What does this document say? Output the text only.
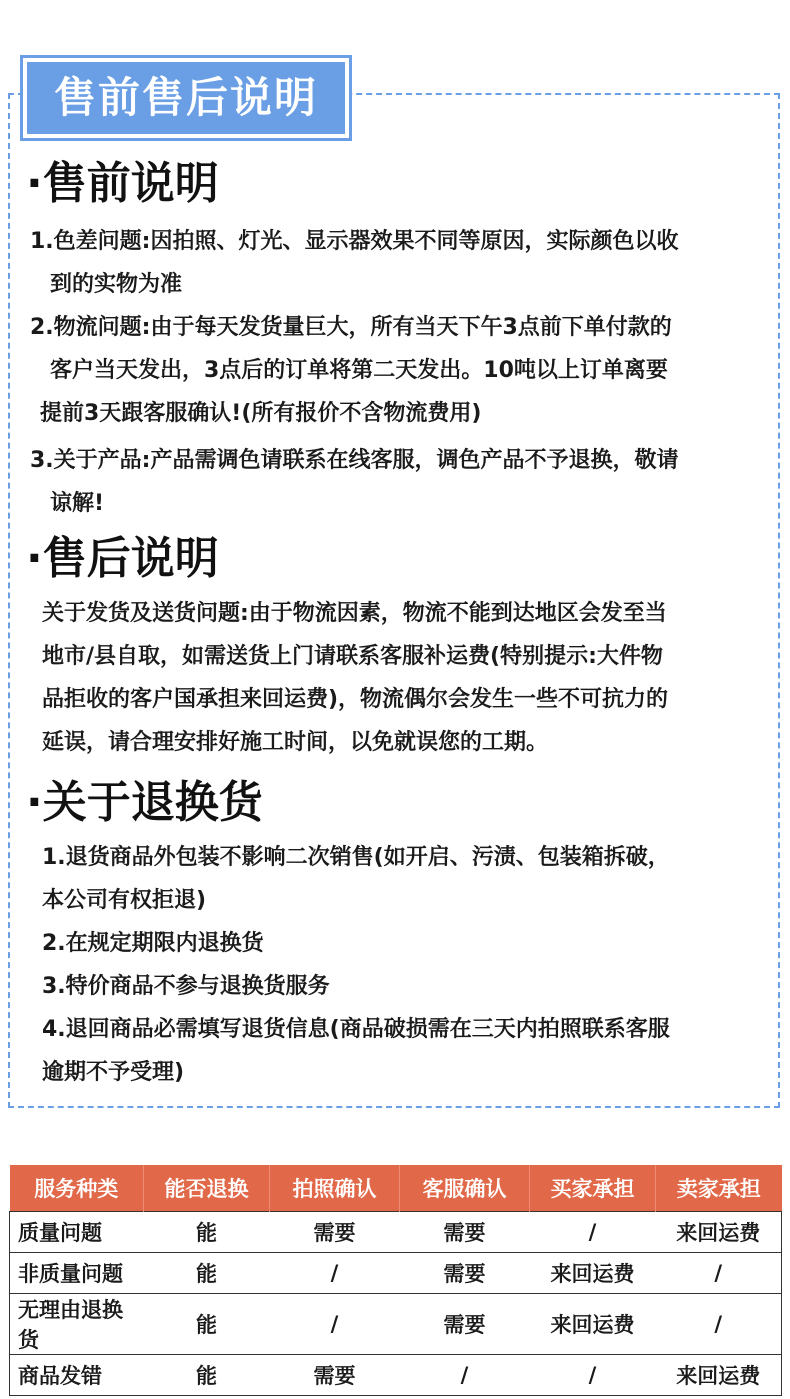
售前售后说明
·售前说明
1.色差问题:因拍照、灯光、显示器效果不同等原因，实际颜色以收
到的实物为准
2.物流问题:由于每天发货量巨大，所有当天下午3点前下单付款的
客户当天发出，3点后的订单将第二天发出。10吨以上订单离要
提前3天跟客服确认!(所有报价不含物流费用)
3.关于产品:产品需调色请联系在线客服，调色产品不予退换，敬请
谅解!
·售后说明
关于发货及送货问题:由于物流因素，物流不能到达地区会发至当
地市/县自取，如需送货上门请联系客服补运费(特别提示:大件物
品拒收的客户国承担来回运费)，物流偶尔会发生一些不可抗力的
延误，请合理安排好施工时间，以免就误您的工期。
·关于退换货
1.退货商品外包装不影响二次销售(如开启、污渍、包装箱拆破，
本公司有权拒退)
2.在规定期限内退换货
3.特价商品不参与退换货服务
4.退回商品必需填写退货信息(商品破损需在三天内拍照联系客服
逾期不予受理)
服务种类	能否退换	拍照确认	客服确认	买家承担	卖家承担
质量问题	能	需要	需要	/	来回运费
非质量问题	能	/	需要	来回运费	/
无理由退换货	能	/	需要	来回运费	/
商品发错	能	需要	/	/	来回运费
